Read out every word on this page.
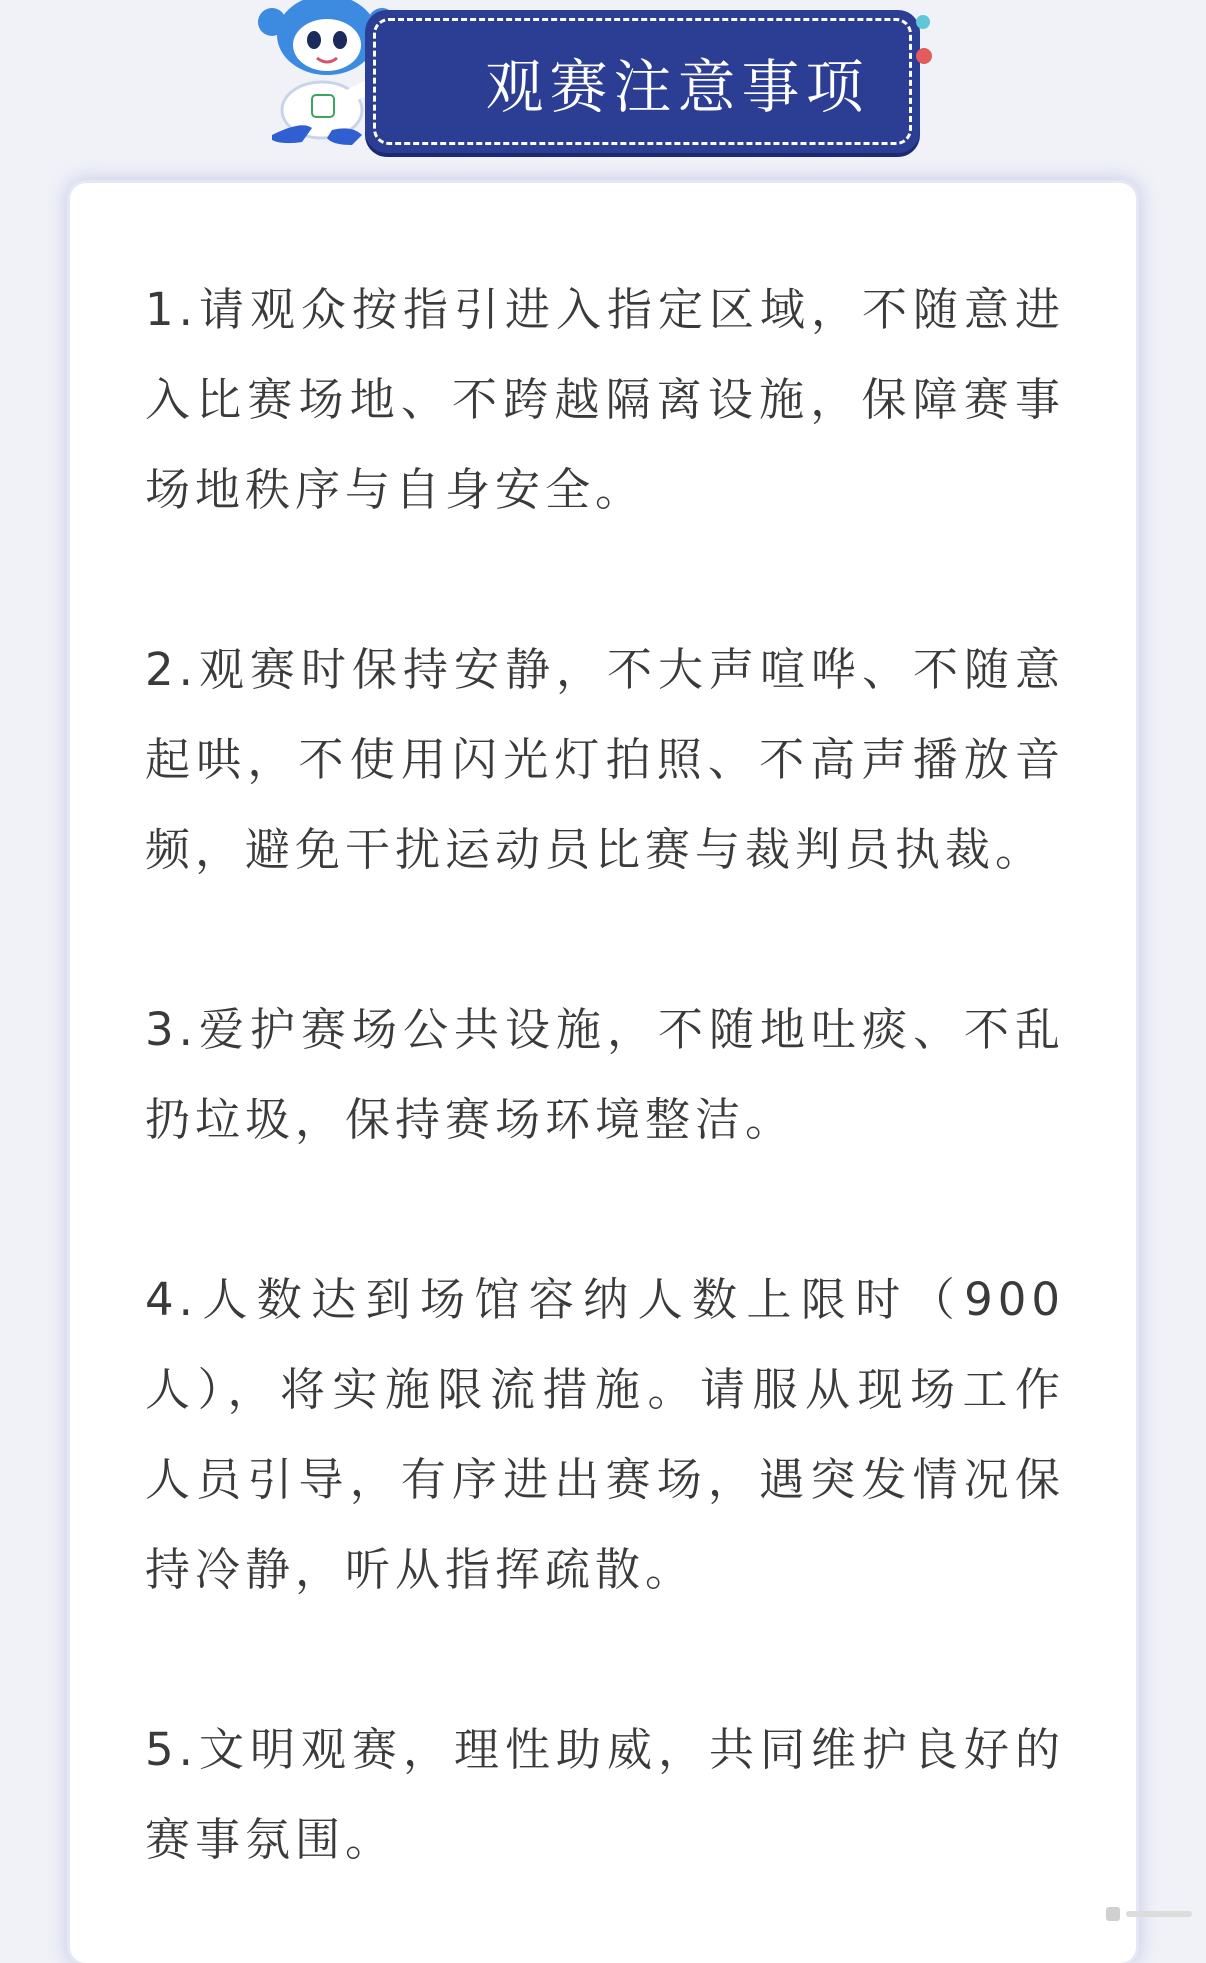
观赛注意事项

1.请观众按指引进入指定区域，不随意进入比赛场地、不跨越隔离设施，保障赛事场地秩序与自身安全。

2.观赛时保持安静，不大声喧哗、不随意起哄，不使用闪光灯拍照、不高声播放音频，避免干扰运动员比赛与裁判员执裁。

3.爱护赛场公共设施，不随地吐痰、不乱扔垃圾，保持赛场环境整洁。

4.人数达到场馆容纳人数上限时（900人），将实施限流措施。请服从现场工作人员引导，有序进出赛场，遇突发情况保持冷静，听从指挥疏散。

5.文明观赛，理性助威，共同维护良好的赛事氛围。
